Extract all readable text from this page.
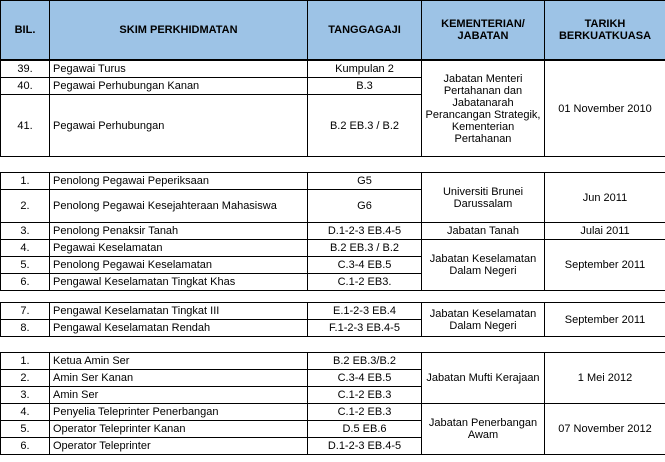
BIL.	SKIM PERKHIDMATAN	TANGGAGAJI	KEMENTERIAN/ JABATAN	TARIKH BERKUATKUASA
39.	Pegawai Turus	Kumpulan 2	Jabatan Menteri Pertahanan dan Jabatanarah Perancangan Strategik, Kementerian Pertahanan	01 November 2010
40.	Pegawai Perhubungan Kanan	B.3		
41.	Pegawai Perhubungan	B.2 EB.3 / B.2		
1.	Penolong Pegawai Peperiksaan	G5	Universiti Brunei Darussalam	Jun 2011
2.	Penolong Pegawai Kesejahteraan Mahasiswa	G6		
3.	Penolong Penaksir Tanah	D.1-2-3 EB.4-5	Jabatan Tanah	Julai 2011
4.	Pegawai Keselamatan	B.2 EB.3 / B.2	Jabatan Keselamatan Dalam Negeri	September 2011
5.	Penolong Pegawai Keselamatan	C.3-4 EB.5		
6.	Pengawal Keselamatan Tingkat Khas	C.1-2 EB3.		
7.	Pengawal Keselamatan Tingkat III	E.1-2-3 EB.4	Jabatan Keselamatan Dalam Negeri	September 2011
8.	Pengawal Keselamatan Rendah	F.1-2-3 EB.4-5		
1.	Ketua Amin Ser	B.2 EB.3/B.2	Jabatan Mufti Kerajaan	1 Mei 2012
2.	Amin Ser Kanan	C.3-4 EB.5		
3.	Amin Ser	C.1-2 EB.3		
4.	Penyelia Teleprinter Penerbangan	C.1-2 EB.3	Jabatan Penerbangan Awam	07 November 2012
5.	Operator Teleprinter Kanan	D.5 EB.6		
6.	Operator Teleprinter	D.1-2-3 EB.4-5		
